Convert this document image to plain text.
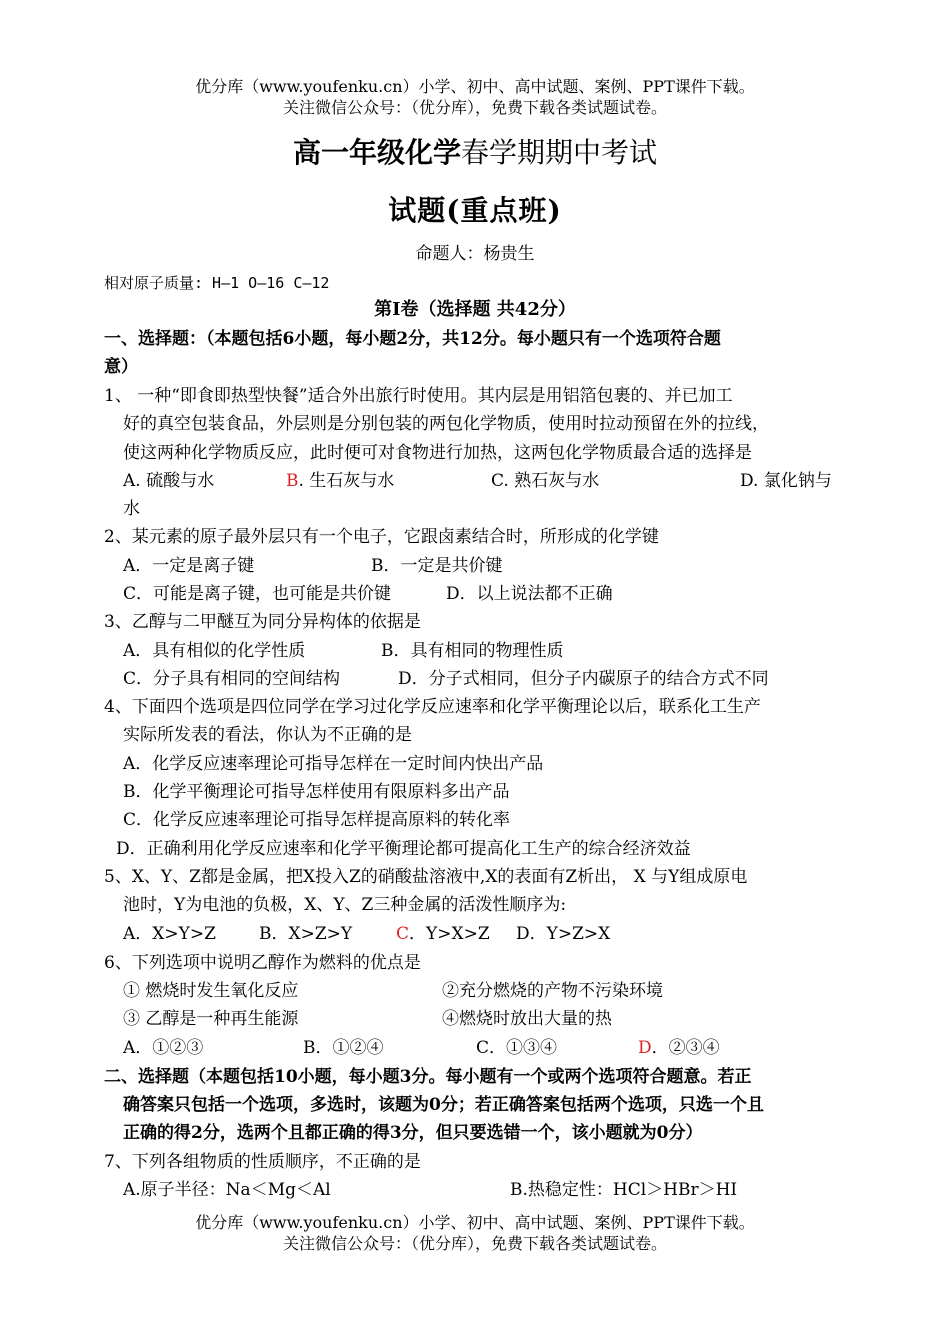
优分库（www.youfenku.cn）小学、初中、高中试题、案例、PPT课件下载。
关注微信公众号：（优分库），免费下载各类试题试卷。
高一年级化学春学期期中考试
试题(重点班)
命题人：杨贵生
相对原子质量: H—1 O—16 C—12
第Ⅰ卷（选择题 共42分）
一、选择题：（本题包括6小题，每小题2分，共12分。每小题只有一个选项符合题
意）
1、 一种“即食即热型快餐”适合外出旅行时使用。其内层是用铝箔包裹的、并已加工
好的真空包装食品，外层则是分别包装的两包化学物质，使用时拉动预留在外的拉线，
使这两种化学物质反应，此时便可对食物进行加热，这两包化学物质最合适的选择是
A. 硫酸与水	B. 生石灰与水	C. 熟石灰与水	D. 氯化钠与
水
2、某元素的原子最外层只有一个电子，它跟卤素结合时，所形成的化学键
A．一定是离子键	B．一定是共价键
C．可能是离子键，也可能是共价键	D．以上说法都不正确
3、乙醇与二甲醚互为同分异构体的依据是
A．具有相似的化学性质	B．具有相同的物理性质
C．分子具有相同的空间结构	D．分子式相同，但分子内碳原子的结合方式不同
4、下面四个选项是四位同学在学习过化学反应速率和化学平衡理论以后，联系化工生产
实际所发表的看法，你认为不正确的是
A．化学反应速率理论可指导怎样在一定时间内快出产品
B．化学平衡理论可指导怎样使用有限原料多出产品
C．化学反应速率理论可指导怎样提高原料的转化率
D．正确利用化学反应速率和化学平衡理论都可提高化工生产的综合经济效益
5、X、Y、Z都是金属，把X投入Z的硝酸盐溶液中,X的表面有Z析出， X 与Y组成原电
池时，Y为电池的负极，X、Y、Z三种金属的活泼性顺序为:
A．X>Y>Z	B．X>Z>Y	C．Y>X>Z D．Y>Z>X
6、下列选项中说明乙醇作为燃料的优点是
① 燃烧时发生氧化反应	②充分燃烧的产物不污染环境
③ 乙醇是一种再生能源	④燃烧时放出大量的热
A．①②③	B．①②④	C．①③④	D．②③④
二、选择题（本题包括10小题，每小题3分。每小题有一个或两个选项符合题意。若正
确答案只包括一个选项，多选时，该题为0分；若正确答案包括两个选项，只选一个且
正确的得2分，选两个且都正确的得3分，但只要选错一个，该小题就为0分）
7、下列各组物质的性质顺序，不正确的是
A.原子半径：Na＜Mg＜Al	B.热稳定性：HCl＞HBr＞HI
优分库（www.youfenku.cn）小学、初中、高中试题、案例、PPT课件下载。
关注微信公众号：（优分库），免费下载各类试题试卷。
